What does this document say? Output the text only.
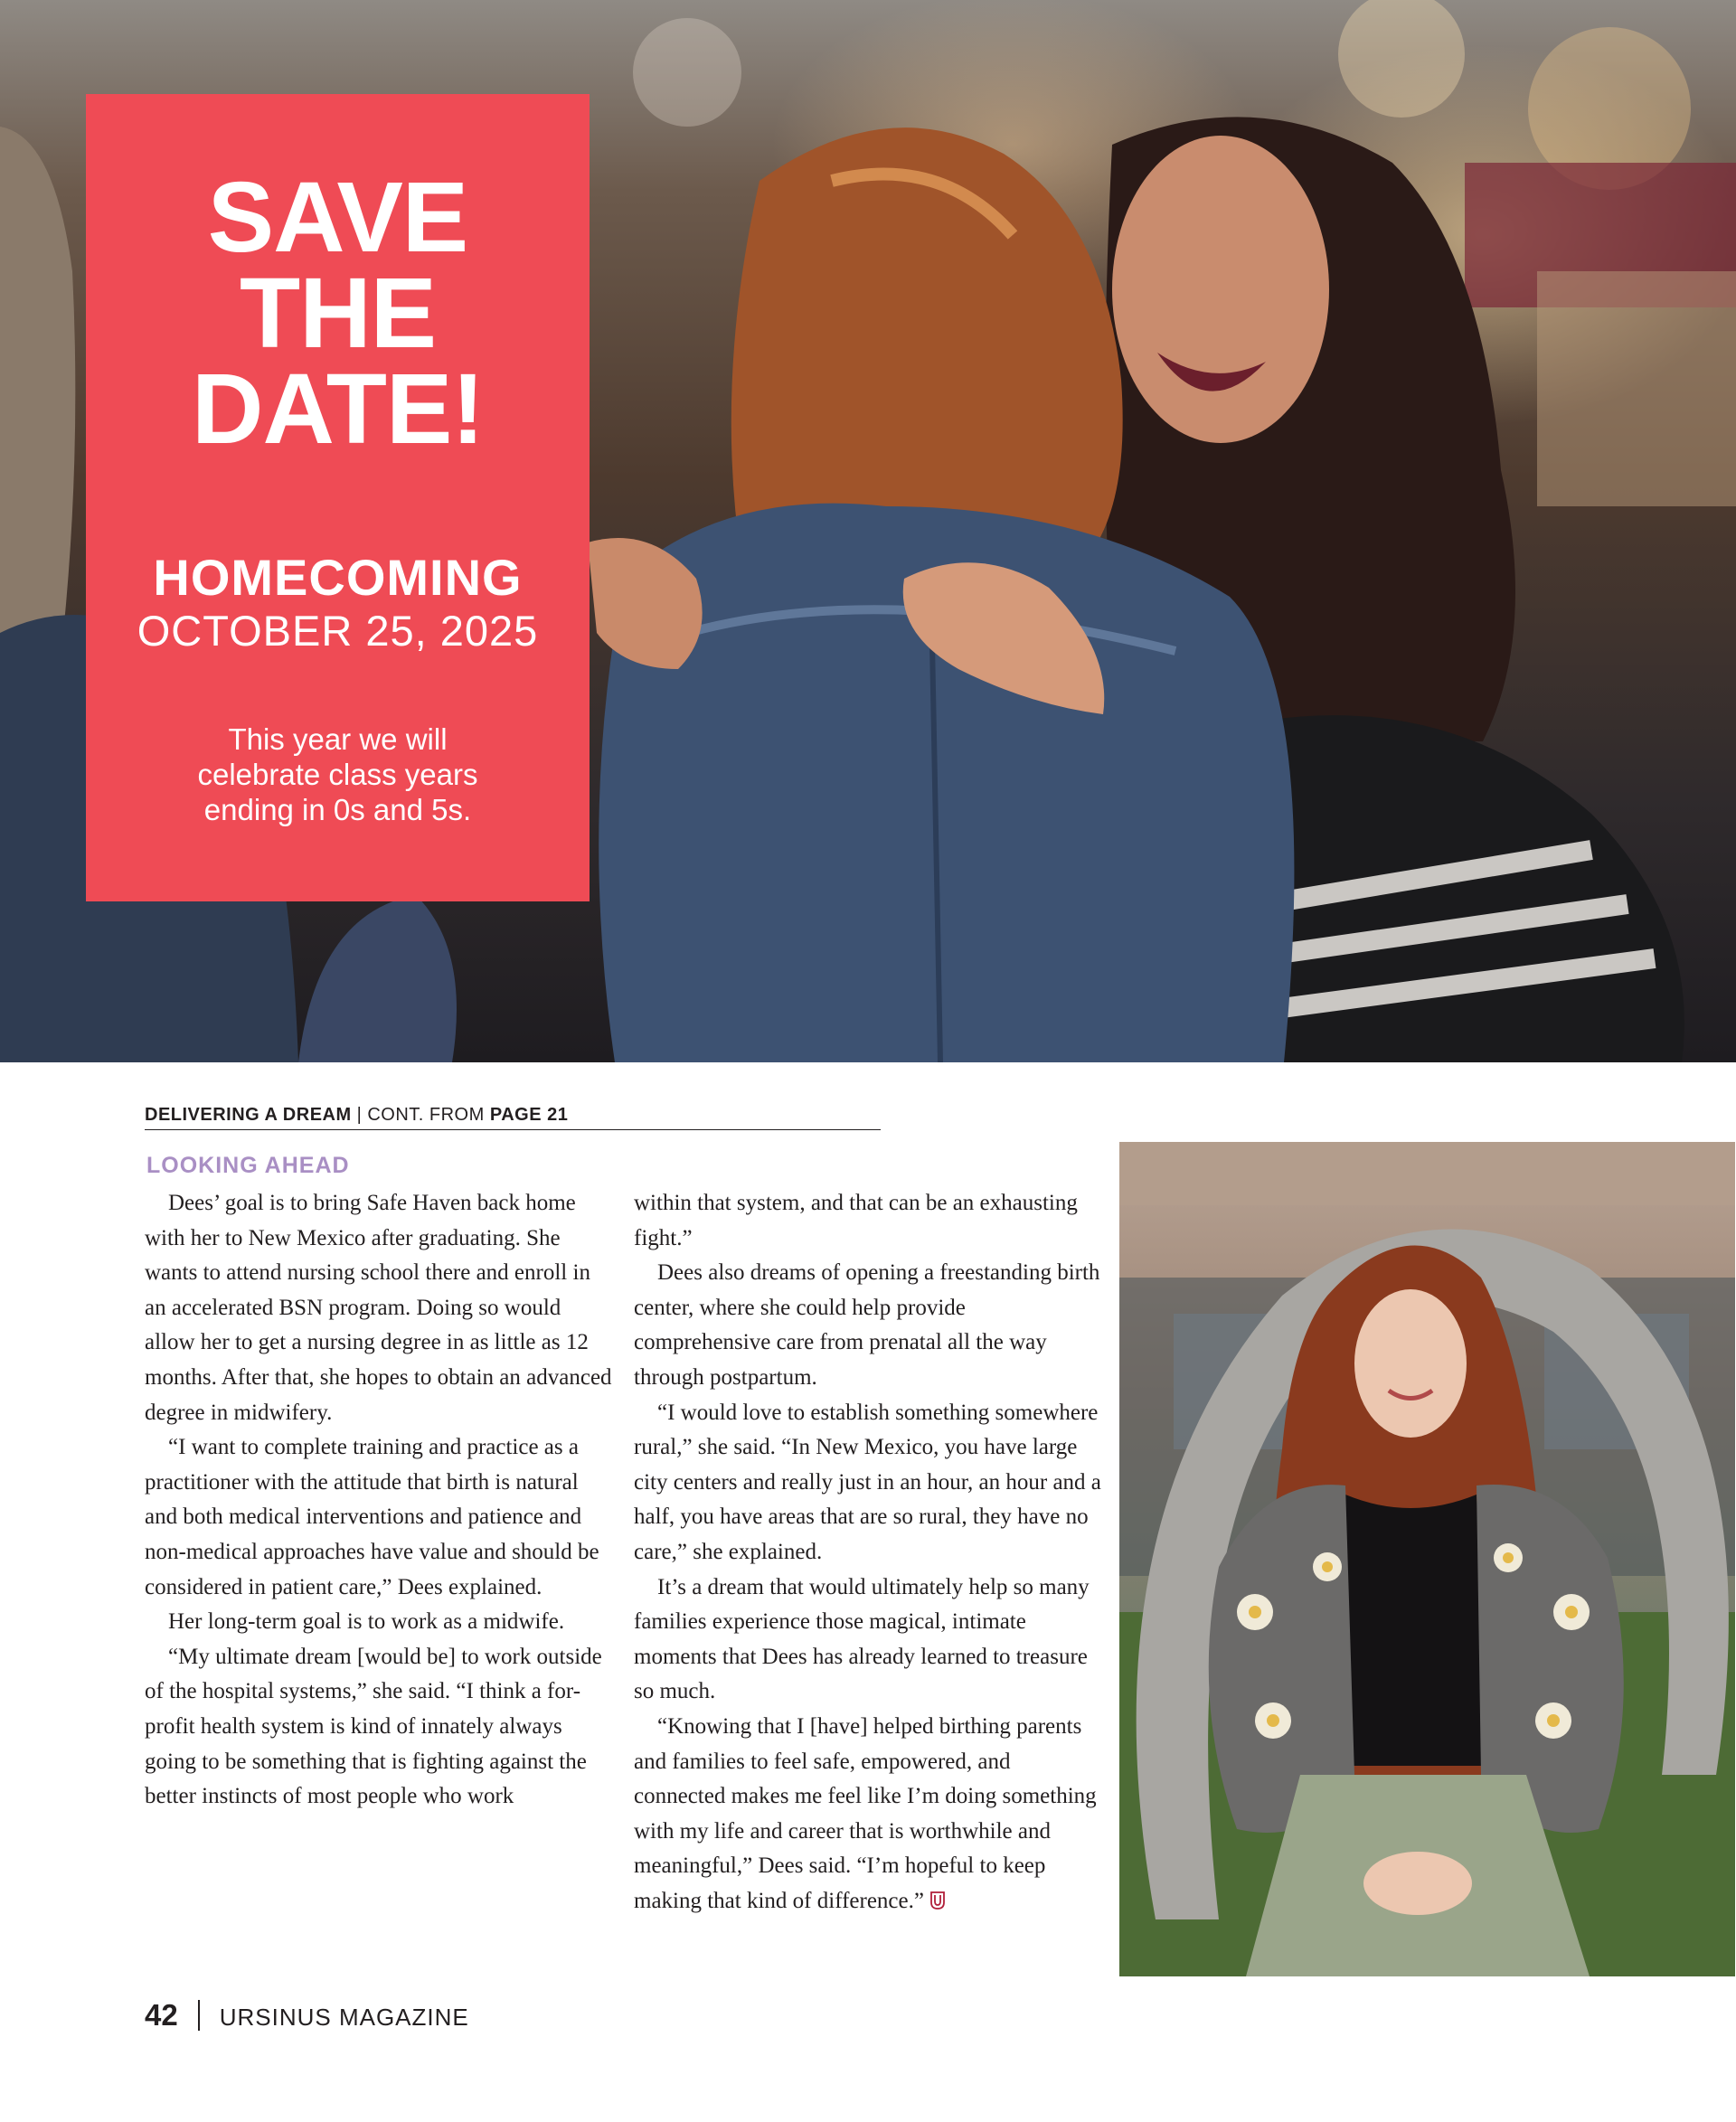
SAVE
THE
DATE!
HOMECOMING
OCTOBER 25, 2025
This year we will celebrate class years ending in 0s and 5s.
DELIVERING A DREAM | CONT. FROM PAGE 21
LOOKING AHEAD

Dees’ goal is to bring Safe Haven back home with her to New Mexico after graduating. She wants to attend nursing school there and enroll in an accelerated BSN program. Doing so would allow her to get a nursing degree in as little as 12 months. After that, she hopes to obtain an advanced degree in midwifery.

“I want to complete training and practice as a practitioner with the attitude that birth is natural and both medical interventions and patience and non-medical approaches have value and should be considered in patient care,” Dees explained.

Her long-term goal is to work as a midwife.

“My ultimate dream [would be] to work outside of the hospital systems,” she said. “I think a for-profit health system is kind of innately always going to be something that is fighting against the better instincts of most people who work

within that system, and that can be an exhausting fight.”

Dees also dreams of opening a freestanding birth center, where she could help provide comprehensive care from prenatal all the way through postpartum.

“I would love to establish something somewhere rural,” she said. “In New Mexico, you have large city centers and really just in an hour, an hour and a half, you have areas that are so rural, they have no care,” she explained.

It’s a dream that would ultimately help so many families experience those magical, intimate moments that Dees has already learned to treasure so much.

“Knowing that I [have] helped birthing parents and families to feel safe, empowered, and connected makes me feel like I’m doing something with my life and career that is worthwhile and meaningful,” Dees said. “I’m hopeful to keep making that kind of difference.”

42 URSINUS MAGAZINE
